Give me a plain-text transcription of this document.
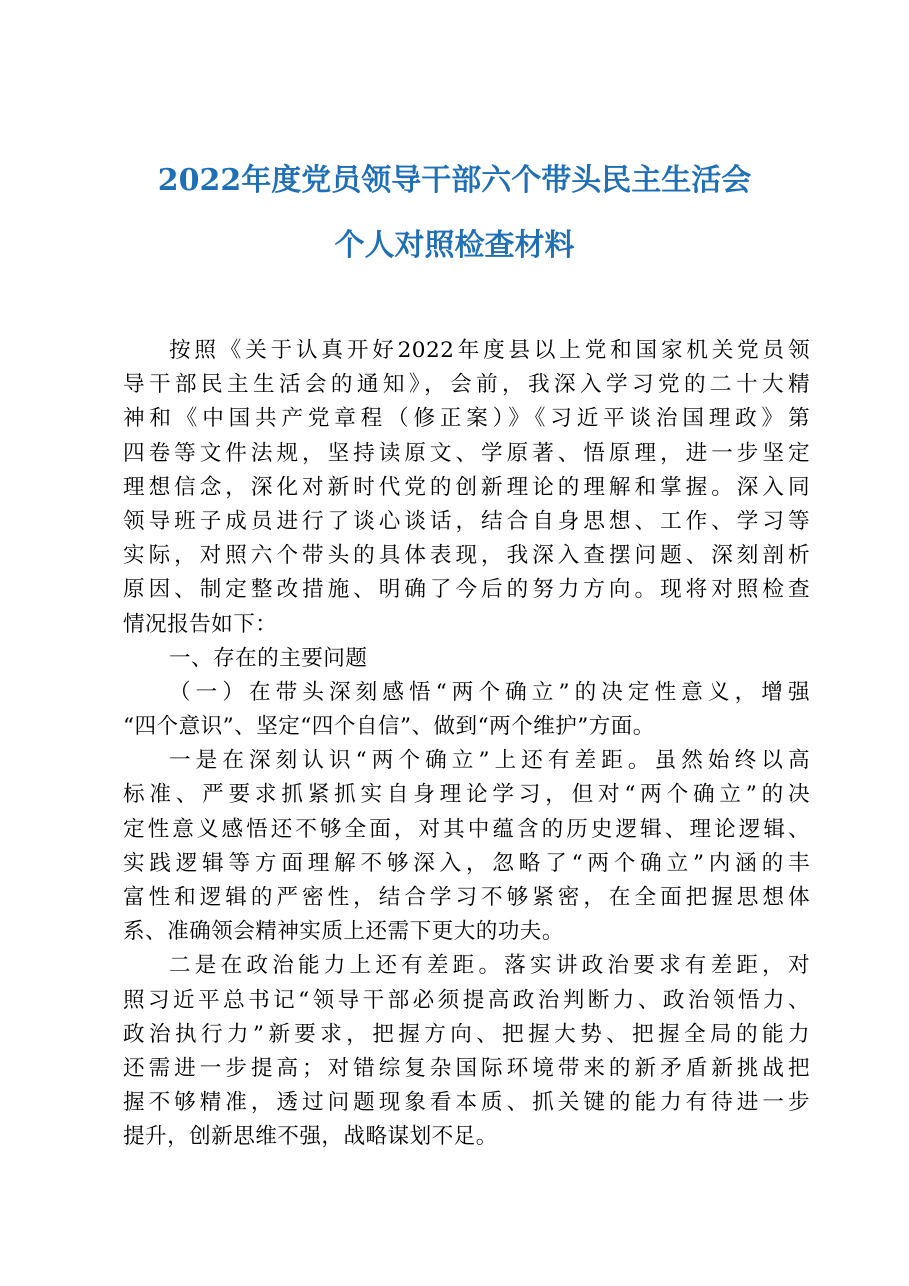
2022年度党员领导干部六个带头民主生活会
个人对照检查材料
按照《关于认真开好2022年度县以上党和国家机关党员领
导干部民主生活会的通知》，会前，我深入学习党的二十大精
神和《中国共产党章程（修正案）》《习近平谈治国理政》第
四卷等文件法规，坚持读原文、学原著、悟原理，进一步坚定
理想信念，深化对新时代党的创新理论的理解和掌握。深入同
领导班子成员进行了谈心谈话，结合自身思想、工作、学习等
实际，对照六个带头的具体表现，我深入查摆问题、深刻剖析
原因、制定整改措施、明确了今后的努力方向。现将对照检查
情况报告如下：
一、存在的主要问题
（一）在带头深刻感悟“两个确立”的决定性意义，增强
“四个意识”、坚定“四个自信”、做到“两个维护”方面。
一是在深刻认识“两个确立”上还有差距。虽然始终以高
标准、严要求抓紧抓实自身理论学习，但对“两个确立”的决
定性意义感悟还不够全面，对其中蕴含的历史逻辑、理论逻辑、
实践逻辑等方面理解不够深入，忽略了“两个确立”内涵的丰
富性和逻辑的严密性，结合学习不够紧密，在全面把握思想体
系、准确领会精神实质上还需下更大的功夫。
二是在政治能力上还有差距。落实讲政治要求有差距，对
照习近平总书记“领导干部必须提高政治判断力、政治领悟力、
政治执行力”新要求，把握方向、把握大势、把握全局的能力
还需进一步提高；对错综复杂国际环境带来的新矛盾新挑战把
握不够精准，透过问题现象看本质、抓关键的能力有待进一步
提升，创新思维不强，战略谋划不足。
